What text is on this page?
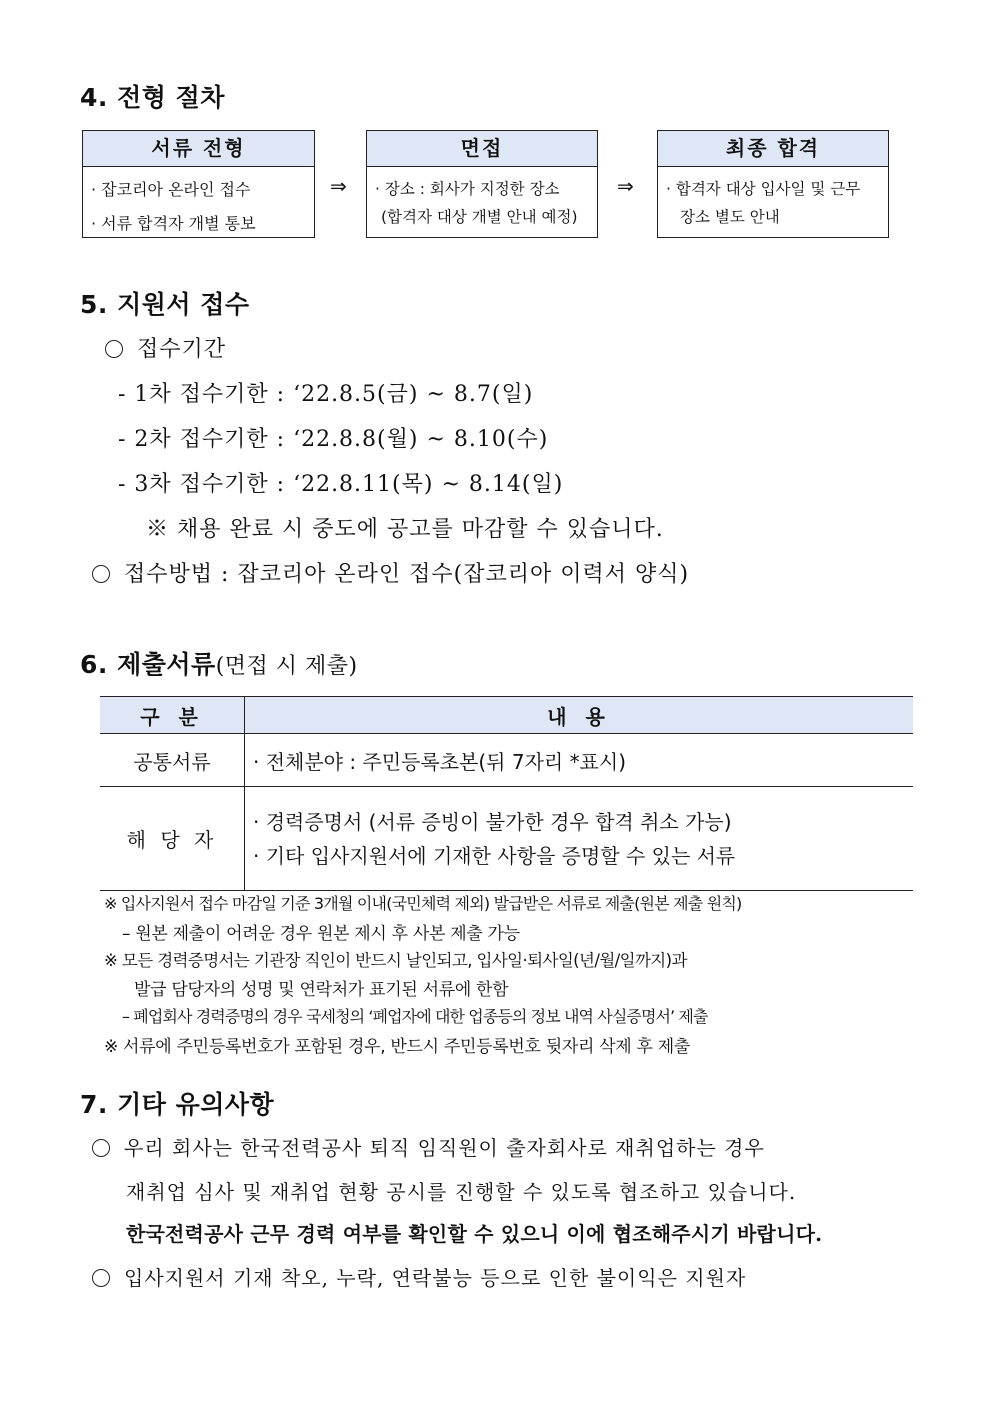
4. 전형 절차
서류 전형
· 잡코리아 온라인 접수
· 서류 합격자 개별 통보
⇒
면접
· 장소 : 회사가 지정한 장소
(합격자 대상 개별 안내 예정)
⇒
최종 합격
· 합격자 대상 입사일 및 근무
장소 별도 안내
5. 지원서 접수
접수기간
- 1차 접수기한 : ‘22.8.5(금) ~ 8.7(일)
- 2차 접수기한 : ‘22.8.8(월) ~ 8.10(수)
- 3차 접수기한 : ‘22.8.11(목) ~ 8.14(일)
※ 채용 완료 시 중도에 공고를 마감할 수 있습니다.
접수방법 : 잡코리아 온라인 접수(잡코리아 이력서 양식)
6. 제출서류(면접 시 제출)
구 분	내 용
공통서류	· 전체분야 : 주민등록초본(뒤 7자리 *표시)
해 당 자	· 경력증명서 (서류 증빙이 불가한 경우 합격 취소 가능)
· 기타 입사지원서에 기재한 사항을 증명할 수 있는 서류
※ 입사지원서 접수 마감일 기준 3개월 이내(국민체력 제외) 발급받은 서류로 제출(원본 제출 원칙)
– 원본 제출이 어려운 경우 원본 제시 후 사본 제출 가능
※ 모든 경력증명서는 기관장 직인이 반드시 날인되고, 입사일·퇴사일(년/월/일까지)과
발급 담당자의 성명 및 연락처가 표기된 서류에 한함
– 폐업회사 경력증명의 경우 국세청의 ‘폐업자에 대한 업종등의 정보 내역 사실증명서’ 제출
※ 서류에 주민등록번호가 포함된 경우, 반드시 주민등록번호 뒷자리 삭제 후 제출
7. 기타 유의사항
우리 회사는 한국전력공사 퇴직 임직원이 출자회사로 재취업하는 경우
재취업 심사 및 재취업 현황 공시를 진행할 수 있도록 협조하고 있습니다.
한국전력공사 근무 경력 여부를 확인할 수 있으니 이에 협조해주시기 바랍니다.
입사지원서 기재 착오, 누락, 연락불능 등으로 인한 불이익은 지원자
